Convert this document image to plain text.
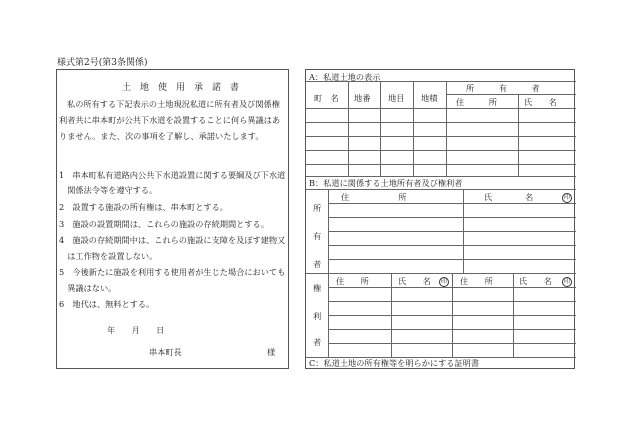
様式第2号(第3条関係)
土　地　使　用　承　諾　書
私の所有する下記表示の土地現況私道に所有者及び関係権
利者共に串本町が公共下水道を設置することに何ら異議はあ
りません。また、次の事項を了解し、承諾いたします。
1　串本町私有道路内公共下水道設置に関する要綱及び下水道
　関係法令等を遵守する。
2　設置する施設の所有権は、串本町とする。
3　施設の設置期間は、これらの施設の存続期間とする。
4　施設の存続期間中は、これらの施設に支障を及ぼす建物又
　は工作物を設置しない。
5　今後新たに施設を利用する使用者が生じた場合においても
　異議はない。
6　地代は、無料とする。
年　　月　　日
串本町長	様
A：私道土地の表示
町　名 地番 地目 地積
所　　　有　　　者
住　　　所	氏　　名
B：私道に関係する土地所有者及び権利者
所
有
者
住　　　　　　所	氏　　　　名	印
権
利
者
住　　所	氏　　名	印 住　　所	氏　　名	印
C：私道土地の所有権等を明らかにする証明書
